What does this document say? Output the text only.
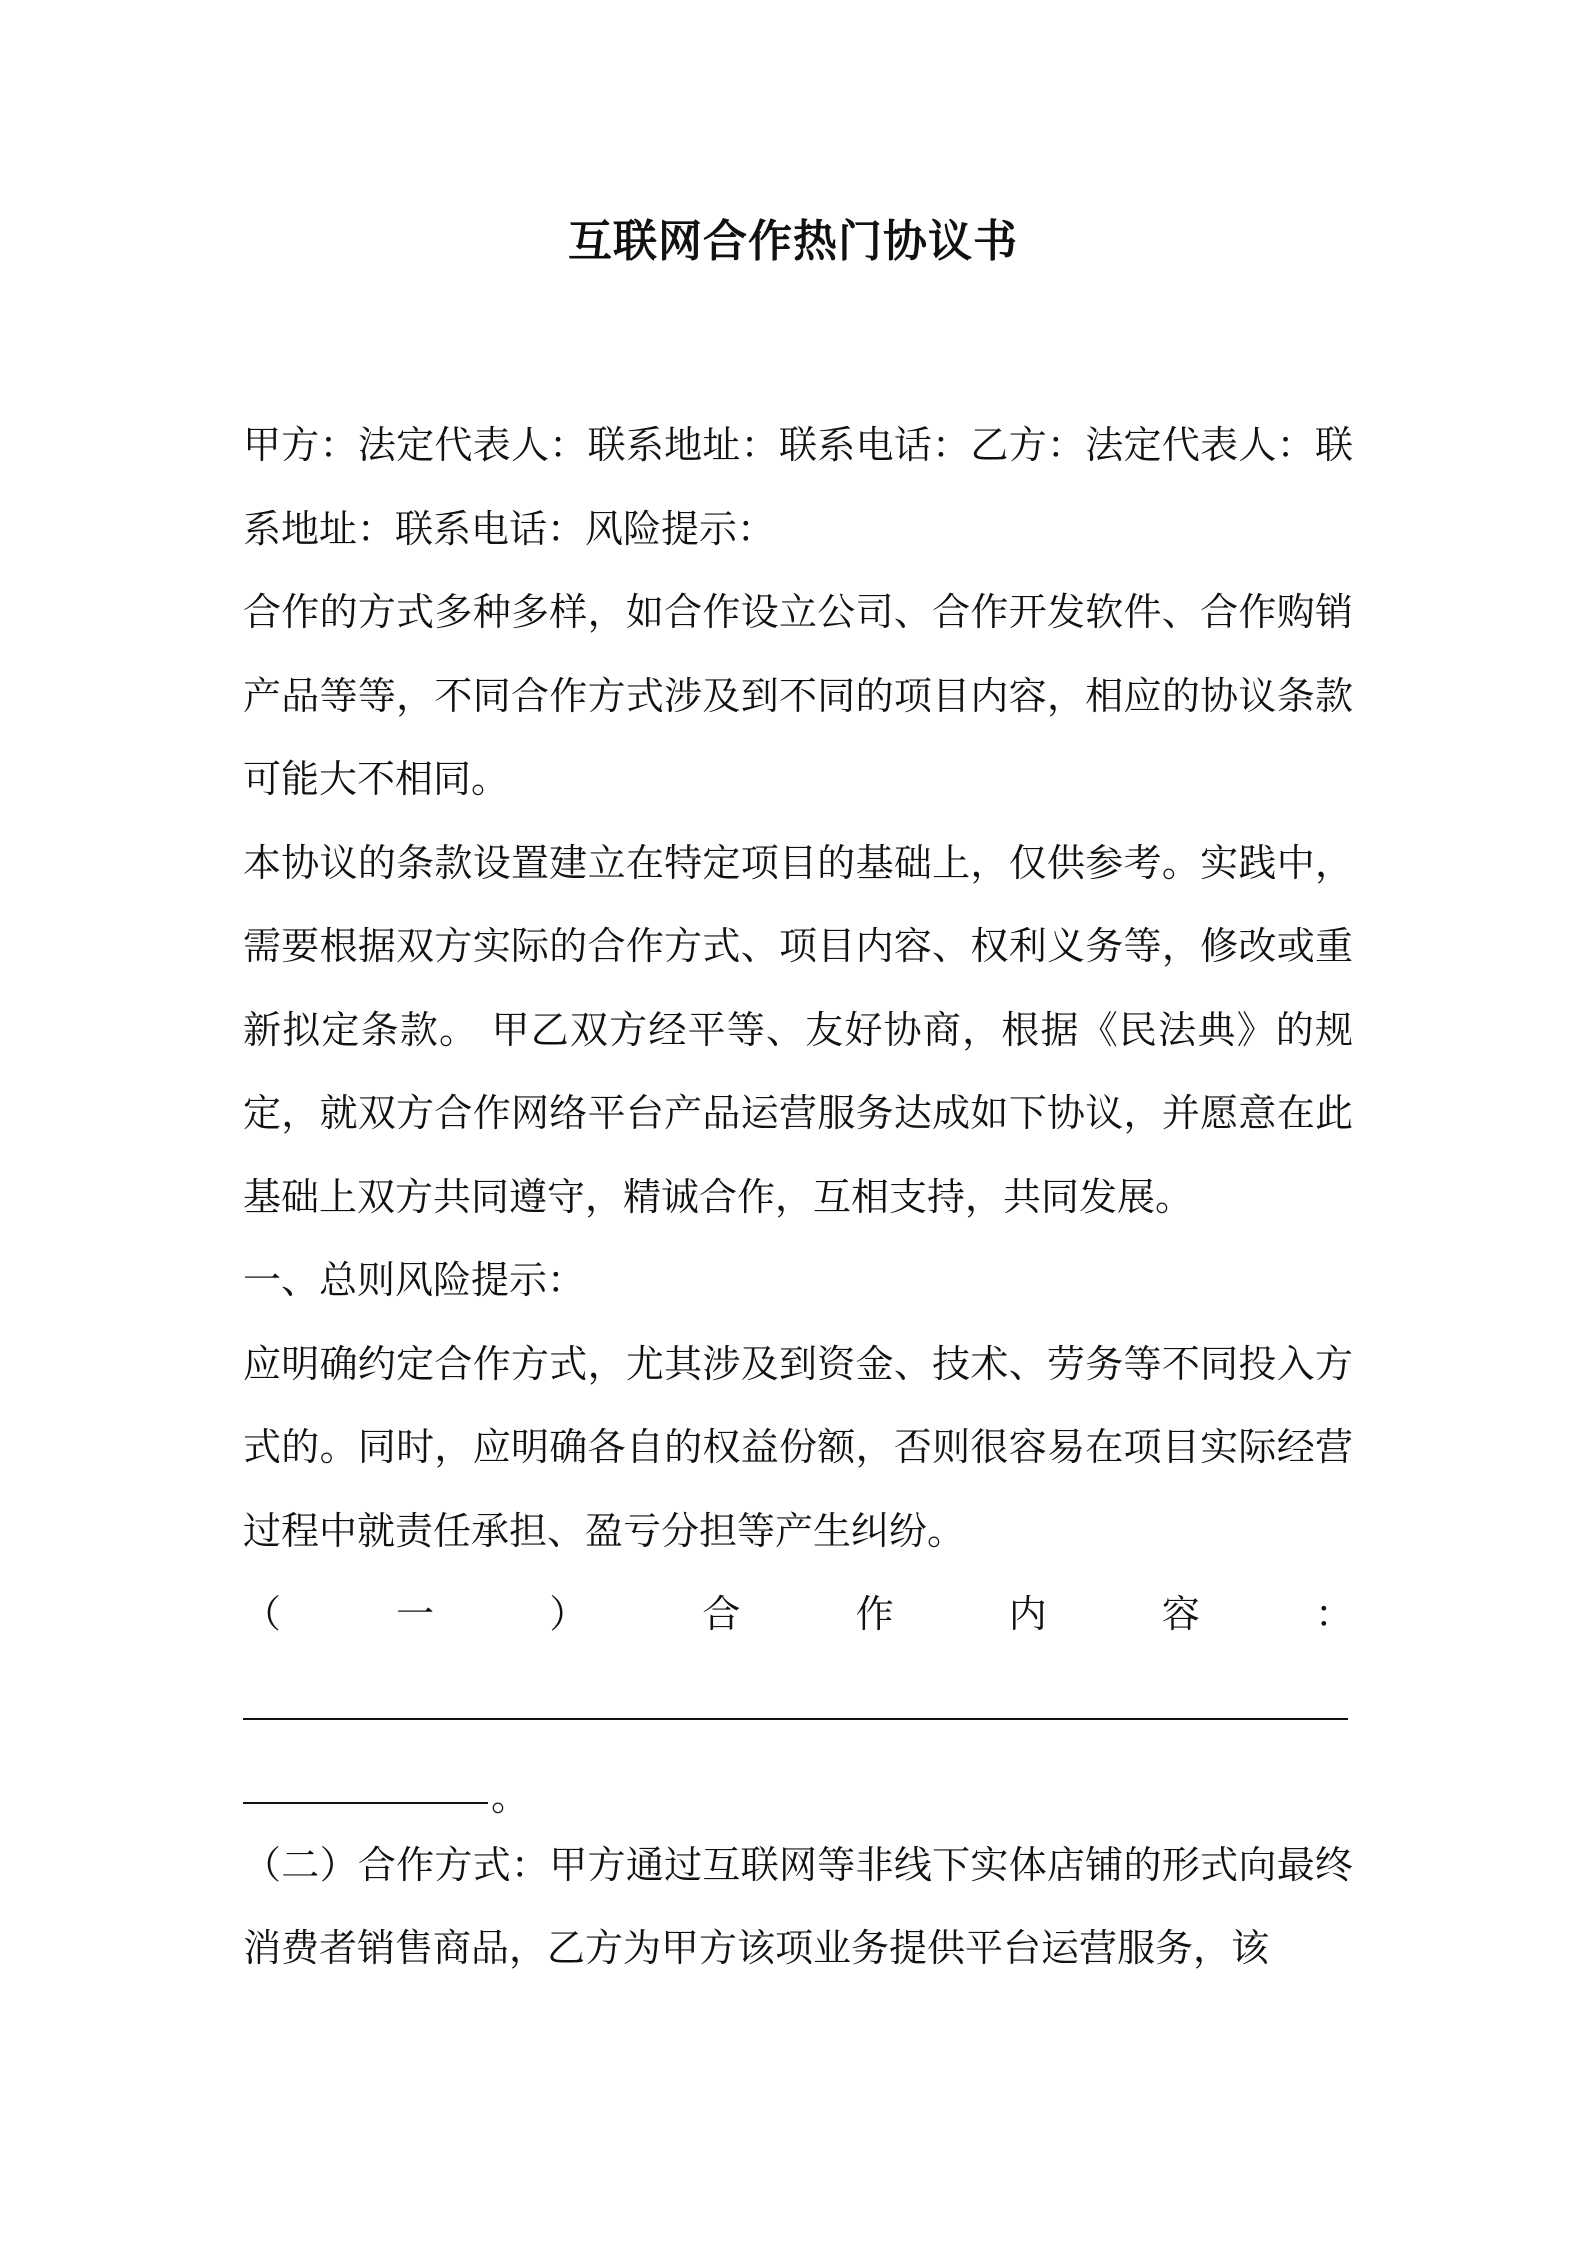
互联网合作热门协议书

甲方：法定代表人：联系地址：联系电话：乙方：法定代表人：联系地址：联系电话：风险提示：

合作的方式多种多样，如合作设立公司、合作开发软件、合作购销产品等等，不同合作方式涉及到不同的项目内容，相应的协议条款可能大不相同。

本协议的条款设置建立在特定项目的基础上，仅供参考。实践中，需要根据双方实际的合作方式、项目内容、权利义务等，修改或重新拟定条款。 甲乙双方经平等、友好协商，根据《民法典》的规定，就双方合作网络平台产品运营服务达成如下协议，并愿意在此基础上双方共同遵守，精诚合作，互相支持，共同发展。

一、总则风险提示：

应明确约定合作方式，尤其涉及到资金、技术、劳务等不同投入方式的。同时，应明确各自的权益份额，否则很容易在项目实际经营过程中就责任承担、盈亏分担等产生纠纷。

（	一	）	合	作	内	容	：
。

（二）合作方式：甲方通过互联网等非线下实体店铺的形式向最终消费者销售商品，乙方为甲方该项业务提供平台运营服务，该
